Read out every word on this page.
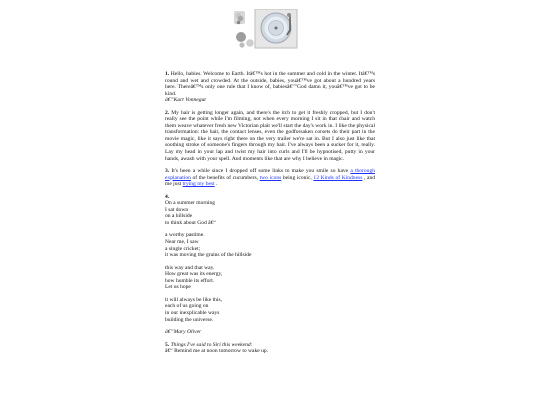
1. Hello, babies. Welcome to Earth. Itâ€™s hot in the summer and cold in the winter. Itâ€™s round and wet and crowded. At the outside, babies, youâ€™ve got about a hundred years here. Thereâ€™s only one rule that I know of, babiesâ€”"God damn it, youâ€™ve got to be kind.
â€”Kurt Vonnegut
2. My hair is getting longer again, and there's the itch to get it freshly cropped, but I don't really see the point while I'm filming, not when every morning I sit in that chair and watch them weave whatever fresh new Victorian plait we'll start the day's work in. I like the physical transformation: the hair, the contact lenses, even the godforsaken corsets do their part in the movie magic, like it says right there on the very trailer we're sat in. But I also just like that soothing stroke of someone's fingers through my hair. I've always been a sucker for it, really. Lay my head in your lap and twist my hair into curls and I'll be hypnotised, putty in your hands, awash with your spell. And moments like that are why I believe in magic.
3. It's been a while since I dropped off some links to make you smile so have a thorough explanation of the benefits of cucumbers, two icons being iconic, 12 Kinds of Kindness , and me just trying my best .
4.
On a summer morning
I sat down
on a hillside
to think about God â€“
a worthy pastime.
Near me, I saw
a single cricket;
it was moving the grains of the hillside
this way and that way.
How great was its energy,
how humble its effort.
Let us hope
it will always be like this,
each of us going on
in our inexplicable ways
building the universe.
â€”Mary Oliver
5. Things I've said to Siri this weekend:
â€“ Remind me at noon tomorrow to wake up.
